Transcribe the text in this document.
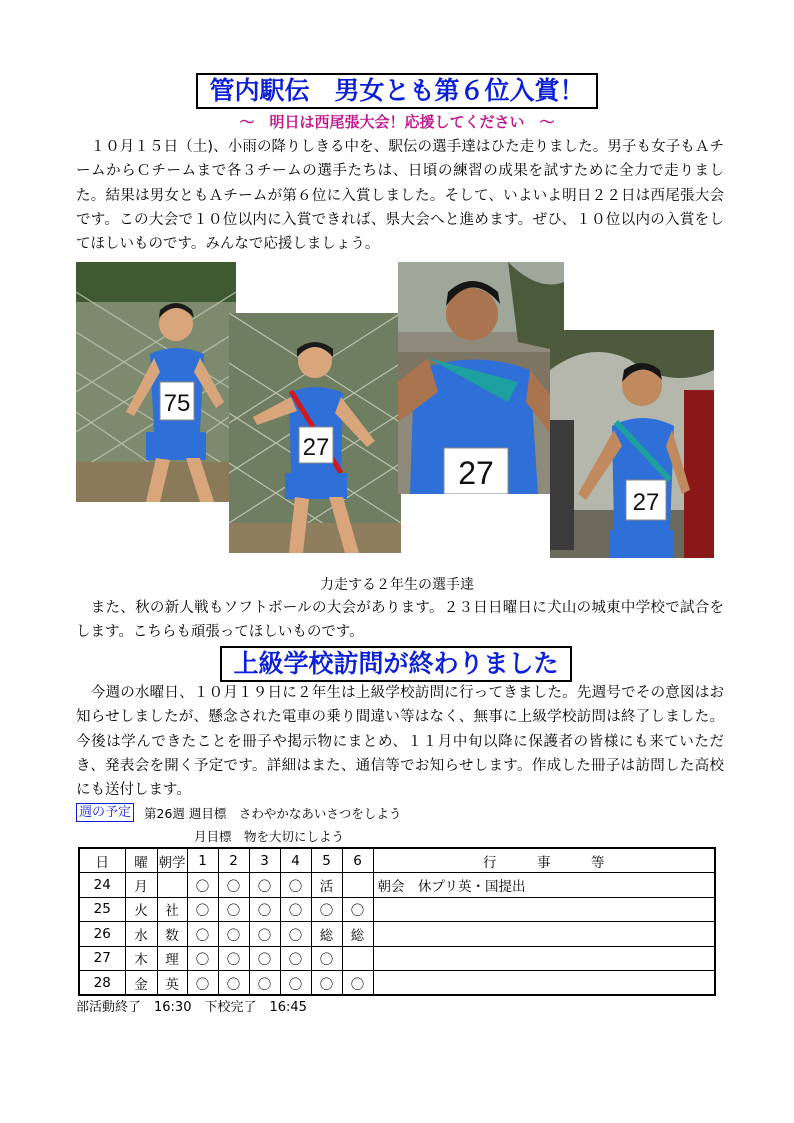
管内駅伝　男女とも第６位入賞！
～　明日は西尾張大会！応援してください　～

　１０月１５日（土)、小雨の降りしきる中を、駅伝の選手達はひた走りました。男子も女子もＡチームからＣチームまで各３チームの選手たちは、日頃の練習の成果を試すために全力で走りました。結果は男女ともＡチームが第６位に入賞しました。そして、いよいよ明日２２日は西尾張大会です。この大会で１０位以内に入賞できれば、県大会へと進めます。ぜひ、１０位以内の入賞をしてほしいものです。みんなで応援しましょう。

75
27
27
27
力走する２年生の選手達

　また、秋の新人戦もソフトボールの大会があります。２３日日曜日に犬山の城東中学校で試合をします。こちらも頑張ってほしいものです。

上級学校訪問が終わりました

　今週の水曜日、１０月１９日に２年生は上級学校訪問に行ってきました。先週号でその意図はお知らせしましたが、懸念された電車の乗り間違い等はなく、無事に上級学校訪問は終了しました。今後は学んできたことを冊子や掲示物にまとめ、１１月中旬以降に保護者の皆様にも来ていただき、発表会を開く予定です。詳細はまた、通信等でお知らせします。作成した冊子は訪問した高校にも送付します。

週の予定 第26週 週目標　さわやかなあいさつをしよう
月目標　物を大切にしよう
日	曜	朝学	1	2	3	4	5	6	行　　　事　　　等
24	月		〇	〇	〇	〇	活		朝会　休プリ英・国提出
25	火	社	〇	〇	〇	〇	〇	〇	
26	水	数	〇	〇	〇	〇	総	総	
27	木	理	〇	〇	〇	〇	〇		
28	金	英	〇	〇	〇	〇	〇	〇	
部活動終了　16:30　下校完了　16:45
